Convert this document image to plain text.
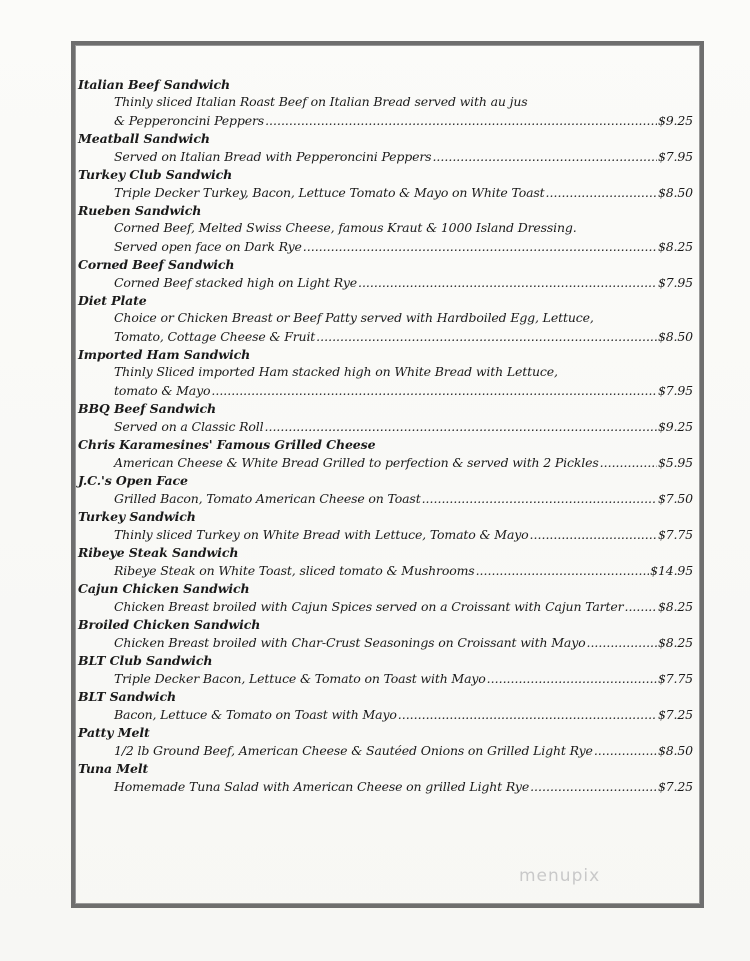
Italian Beef Sandwich
Thinly sliced Italian Roast Beef on Italian Bread served with au jus
& Pepperoncini Peppers .....	$9.25
Meatball Sandwich
Served on Italian Bread with Pepperoncini Peppers .....	$7.95
Turkey Club Sandwich
Triple Decker Turkey, Bacon, Lettuce Tomato & Mayo on White Toast .....	$8.50
Rueben Sandwich
Corned Beef, Melted Swiss Cheese, famous Kraut & 1000 Island Dressing.
Served open face on Dark Rye .....	$8.25
Corned Beef Sandwich
Corned Beef stacked high on Light Rye .....	$7.95
Diet Plate
Choice or Chicken Breast or Beef Patty served with Hardboiled Egg, Lettuce,
Tomato, Cottage Cheese & Fruit .....	$8.50
Imported Ham Sandwich
Thinly Sliced imported Ham stacked high on White Bread with Lettuce,
tomato & Mayo .....	$7.95
BBQ Beef Sandwich
Served on a Classic Roll .....	$9.25
Chris Karamesines' Famous Grilled Cheese
American Cheese & White Bread Grilled to perfection & served with 2 Pickles .....	$5.95
J.C.'s Open Face
Grilled Bacon, Tomato American Cheese on Toast .....	$7.50
Turkey Sandwich
Thinly sliced Turkey on White Bread with Lettuce, Tomato & Mayo .....	$7.75
Ribeye Steak Sandwich
Ribeye Steak on White Toast, sliced tomato & Mushrooms .....	$14.95
Cajun Chicken Sandwich
Chicken Breast broiled with Cajun Spices served on a Croissant with Cajun Tarter .....	$8.25
Broiled Chicken Sandwich
Chicken Breast broiled with Char-Crust Seasonings on Croissant with Mayo .....	$8.25
BLT Club Sandwich
Triple Decker Bacon, Lettuce & Tomato on Toast with Mayo .....	$7.75
BLT Sandwich
Bacon, Lettuce & Tomato on Toast with Mayo .....	$7.25
Patty Melt
1/2 lb Ground Beef, American Cheese & Sautéed Onions on Grilled Light Rye .....	$8.50
Tuna Melt
Homemade Tuna Salad with American Cheese on grilled Light Rye .....	$7.25
menupix
